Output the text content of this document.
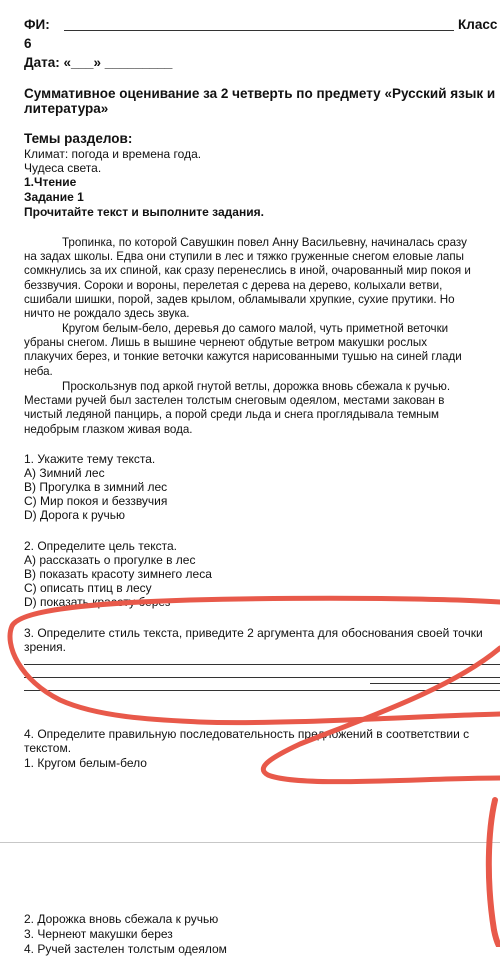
ФИ:	Класс
6
Дата: «___» _________
Суммативное оценивание за 2 четверть по предмету «Русский язык и
литература»
Темы разделов:
Климат: погода и времена года.
Чудеса света.
1.Чтение
Задание 1
Прочитайте текст и выполните задания.

Тропинка, по которой Савушкин повел Анну Васильевну, начиналась сразу

на задах школы. Едва они ступили в лес и тяжко груженные снегом еловые лапы

сомкнулись за их спиной, как сразу перенеслись в иной, очарованный мир покоя и

беззвучия. Сороки и вороны, перелетая с дерева на дерево, колыхали ветви,

сшибали шишки, порой, задев крылом, обламывали хрупкие, сухие прутики. Но

ничто не рождало здесь звука.

Кругом белым-бело, деревья до самого малой, чуть приметной веточки

убраны снегом. Лишь в вышине чернеют обдутые ветром макушки рослых

плакучих берез, и тонкие веточки кажутся нарисованными тушью на синей глади

неба.

Проскользнув под аркой гнутой ветлы, дорожка вновь сбежала к ручью.

Местами ручей был застелен толстым снеговым одеялом, местами закован в

чистый ледяной панцирь, а порой среди льда и снега проглядывала темным

недобрым глазком живая вода.

1. Укажите тему текста.
A) Зимний лес
B) Прогулка в зимний лес
C) Мир покоя и беззвучия
D) Дорога к ручью
2. Определите цель текста.
A) рассказать о прогулке в лес
B) показать красоту зимнего леса
C) описать птиц в лесу
D) показать красоту берез
3. Определите стиль текста, приведите 2 аргумента для обоснования своей точки
зрения.
4. Определите правильную последовательность предложений в соответствии с
текстом.
1. Кругом белым-бело
2. Дорожка вновь сбежала к ручью
3. Чернеют макушки берез
4. Ручей застелен толстым одеялом
